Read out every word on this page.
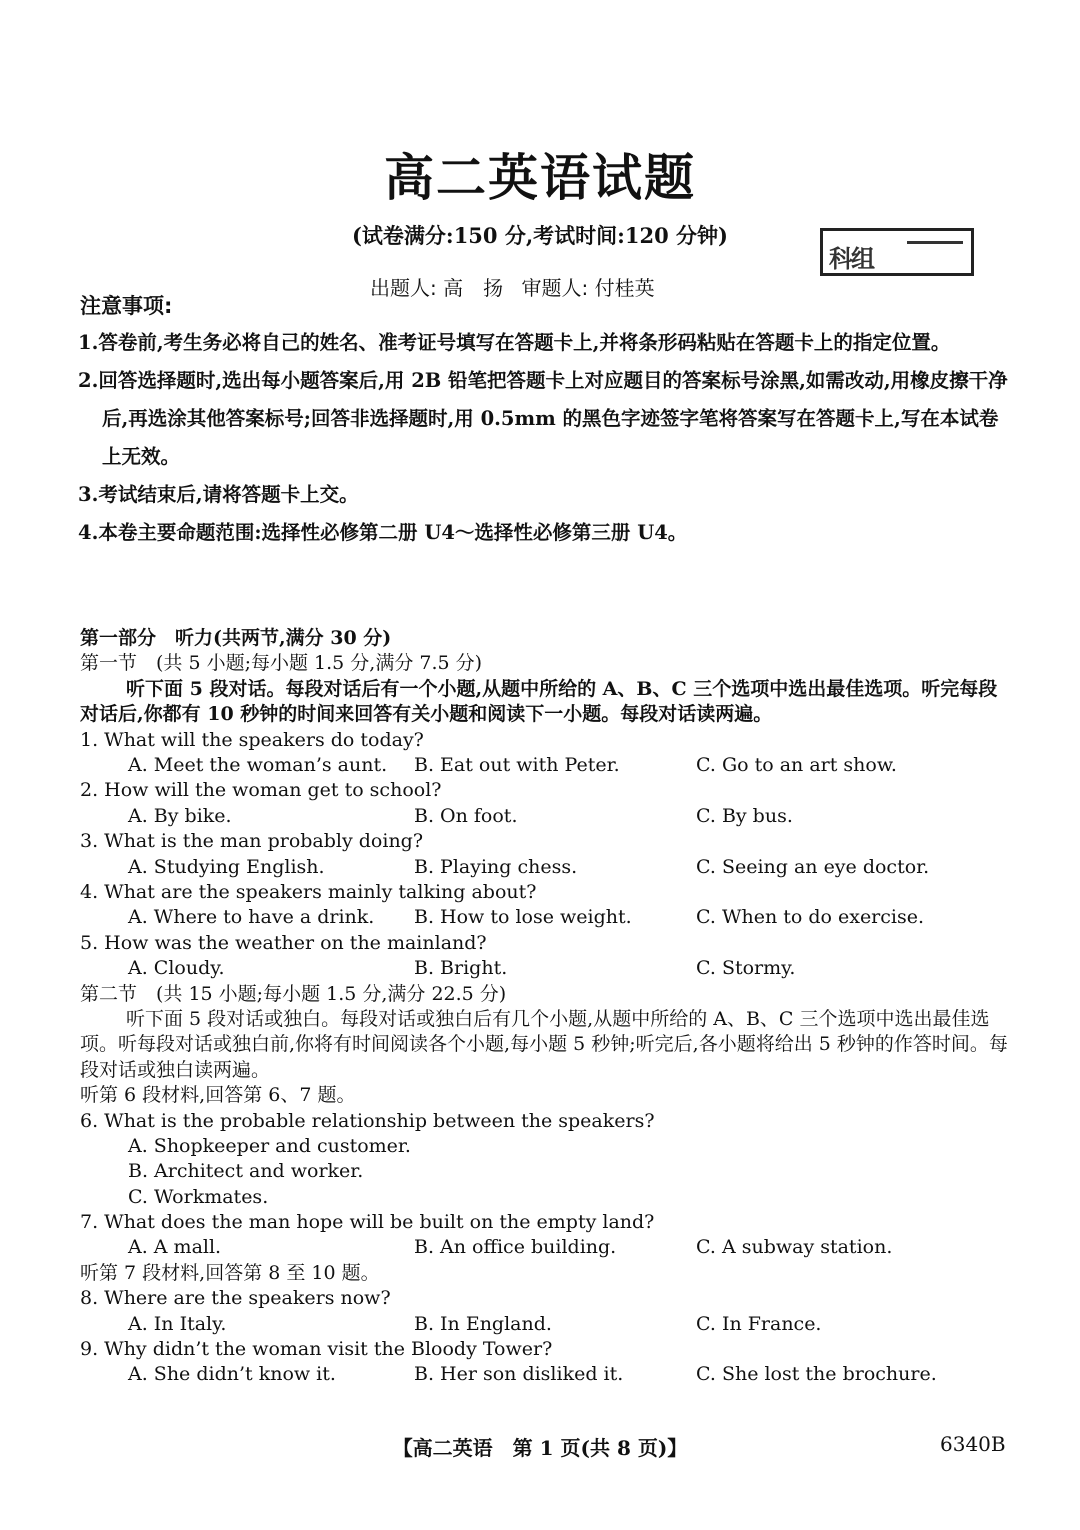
高二英语试题
(试卷满分:150 分,考试时间:120 分钟)
科组
出题人: 高　扬 审题人: 付桂英
注意事项:

1.答卷前,考生务必将自己的姓名、准考证号填写在答题卡上,并将条形码粘贴在答题卡上的指定位置。

2.回答选择题时,选出每小题答案后,用 2B 铅笔把答题卡上对应题目的答案标号涂黑,如需改动,用橡皮擦干净后,再选涂其他答案标号;回答非选择题时,用 0.5mm 的黑色字迹签字笔将答案写在答题卡上,写在本试卷上无效。

3.考试结束后,请将答题卡上交。

4.本卷主要命题范围:选择性必修第二册 U4～选择性必修第三册 U4。

第一部分　听力(共两节,满分 30 分)
第一节　(共 5 小题;每小题 1.5 分,满分 7.5 分)
听下面 5 段对话。每段对话后有一个小题,从题中所给的 A、B、C 三个选项中选出最佳选项。听完每段对话后,你都有 10 秒钟的时间来回答有关小题和阅读下一小题。每段对话读两遍。
1. What will the speakers do today?
A. Meet the woman’s aunt. B. Eat out with Peter.	C. Go to an art show.
2. How will the woman get to school?
A. By bike.	B. On foot.	C. By bus.
3. What is the man probably doing?
A. Studying English.	B. Playing chess.	C. Seeing an eye doctor.
4. What are the speakers mainly talking about?
A. Where to have a drink. B. How to lose weight.	C. When to do exercise.
5. How was the weather on the mainland?
A. Cloudy.	B. Bright.	C. Stormy.
第二节　(共 15 小题;每小题 1.5 分,满分 22.5 分)
听下面 5 段对话或独白。每段对话或独白后有几个小题,从题中所给的 A、B、C 三个选项中选出最佳选项。听每段对话或独白前,你将有时间阅读各个小题,每小题 5 秒钟;听完后,各小题将给出 5 秒钟的作答时间。每段对话或独白读两遍。
听第 6 段材料,回答第 6、7 题。
6. What is the probable relationship between the speakers?
A. Shopkeeper and customer.
B. Architect and worker.
C. Workmates.
7. What does the man hope will be built on the empty land?
A. A mall.	B. An office building.	C. A subway station.
听第 7 段材料,回答第 8 至 10 题。
8. Where are the speakers now?
A. In Italy.	B. In England.	C. In France.
9. Why didn’t the woman visit the Bloody Tower?
A. She didn’t know it.	B. Her son disliked it.	C. She lost the brochure.
【高二英语　第 1 页(共 8 页)】	6340B
